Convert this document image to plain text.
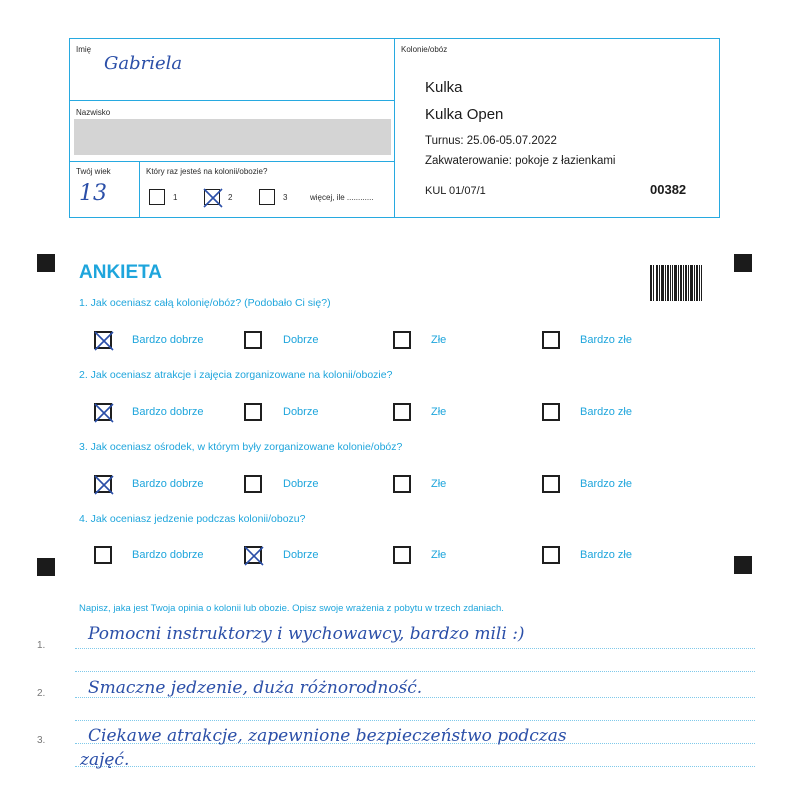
Imię
Gabriela
Nazwisko
Twój wiek
13
Który raz jesteś na kolonii/obozie?
1	2	3	więcej, ile ............
Kolonie/obóz
Kulka
Kulka Open
Turnus: 25.06-05.07.2022
Zakwaterowanie: pokoje z łazienkami
KUL 01/07/1	00382
ANKIETA
1. Jak oceniasz całą kolonię/obóz? (Podobało Ci się?)
Bardzo dobrze	Dobrze	Złe	Bardzo złe
2. Jak oceniasz atrakcje i zajęcia zorganizowane na kolonii/obozie?
Bardzo dobrze	Dobrze	Złe	Bardzo złe
3. Jak oceniasz ośrodek, w którym były zorganizowane kolonie/obóz?
Bardzo dobrze	Dobrze	Złe	Bardzo złe
4. Jak oceniasz jedzenie podczas kolonii/obozu?
Bardzo dobrze	Dobrze	Złe	Bardzo złe
Napisz, jaka jest Twoja opinia o kolonii lub obozie. Opisz swoje wrażenia z pobytu w trzech zdaniach.
1.
2.
3.
Pomocni instruktorzy i wychowawcy, bardzo mili :)
Smaczne jedzenie, duża różnorodność.
Ciekawe atrakcje, zapewnione bezpieczeństwo podczas
zajęć.
